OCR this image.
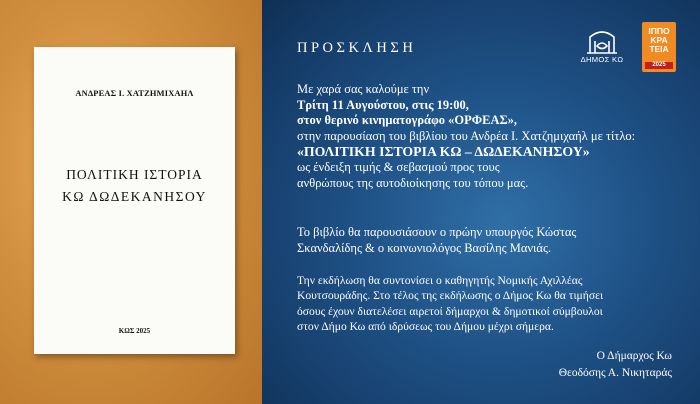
ΑΝΔΡΕΑΣ Ι. ΧΑΤΖΗΜΙΧΑΗΛ
ΠΟΛΙΤΙΚΗ ΙΣΤΟΡΙΑ
ΚΩ ΔΩΔΕΚΑΝΗΣΟΥ
ΚΩΣ 2025
ΠΡΟΣΚΛΗΣΗ
ΔΗΜΟΣ ΚΩ
ΙΠΠΟ
ΚΡΑ
ΤΕΙΑ
2025
Με χαρά σας καλούμε την
Τρίτη 11 Αυγούστου, στις 19:00,
στον θερινό κινηματογράφο «ΟΡΦΕΑΣ»,
στην παρουσίαση του βιβλίου του Ανδρέα Ι. Χατζημιχαήλ με τίτλο:
«ΠΟΛΙΤΙΚΗ ΙΣΤΟΡΙΑ ΚΩ – ΔΩΔΕΚΑΝΗΣΟΥ»
ως ένδειξη τιμής & σεβασμού προς τους
ανθρώπους της αυτοδιοίκησης του τόπου μας.
Το βιβλίο θα παρουσιάσουν ο πρώην υπουργός Κώστας
Σκανδαλίδης & ο κοινωνιολόγος Βασίλης Μανιάς.
Την εκδήλωση θα συντονίσει ο καθηγητής Νομικής Αχιλλέας
Κουτσουράδης. Στο τέλος της εκδήλωσης ο Δήμος Κω θα τιμήσει
όσους έχουν διατελέσει αιρετοί δήμαρχοι & δημοτικοί σύμβουλοι
στον Δήμο Κω από ιδρύσεως του Δήμου μέχρι σήμερα.
Ο Δήμαρχος Κω
Θεοδόσης Α. Νικηταράς
